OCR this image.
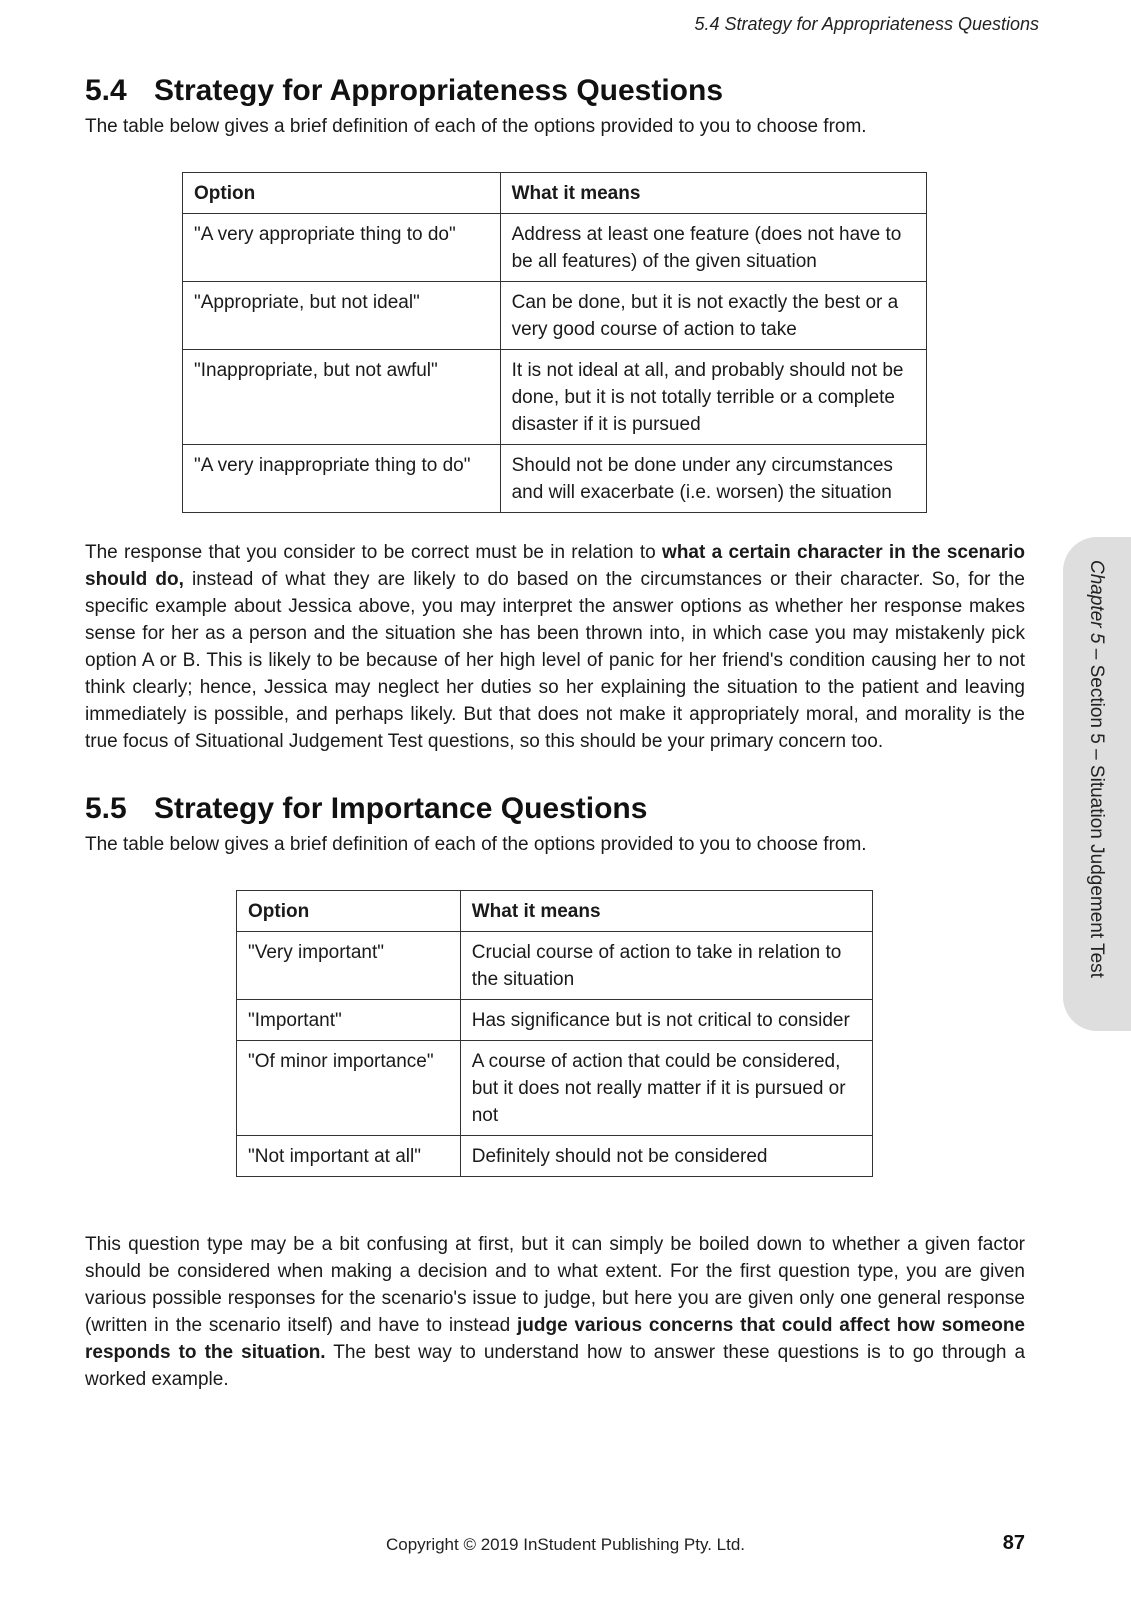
5.4 Strategy for Appropriateness Questions
5.4 Strategy for Appropriateness Questions

The table below gives a brief definition of each of the options provided to you to choose from.

Option	What it means
"A very appropriate thing to do"	Address at least one feature (does not have to be all features) of the given situation
"Appropriate, but not ideal"	Can be done, but it is not exactly the best or a very good course of action to take
"Inappropriate, but not awful"	It is not ideal at all, and probably should not be done, but it is not totally terrible or a complete disaster if it is pursued
"A very inappropriate thing to do"	Should not be done under any circumstances and will exacerbate (i.e. worsen) the situation

The response that you consider to be correct must be in relation to what a certain character in the scenario should do, instead of what they are likely to do based on the circumstances or their character. So, for the specific example about Jessica above, you may interpret the answer options as whether her response makes sense for her as a person and the situation she has been thrown into, in which case you may mistakenly pick option A or B. This is likely to be because of her high level of panic for her friend's condition causing her to not think clearly; hence, Jessica may neglect her duties so her explaining the situation to the patient and leaving immediately is possible, and perhaps likely. But that does not make it appropriately moral, and morality is the true focus of Situational Judgement Test questions, so this should be your primary concern too.

5.5 Strategy for Importance Questions

The table below gives a brief definition of each of the options provided to you to choose from.

Option	What it means
"Very important"	Crucial course of action to take in relation to the situation
"Important"	Has significance but is not critical to consider
"Of minor importance"	A course of action that could be considered, but it does not really matter if it is pursued or not
"Not important at all"	Definitely should not be considered

This question type may be a bit confusing at first, but it can simply be boiled down to whether a given factor should be considered when making a decision and to what extent. For the first question type, you are given various possible responses for the scenario's issue to judge, but here you are given only one general response (written in the scenario itself) and have to instead judge various concerns that could affect how someone responds to the situation. The best way to understand how to answer these questions is to go through a worked example.

Chapter 5 – Section 5 – Situation Judgement Test
Copyright © 2019 InStudent Publishing Pty. Ltd.	87
